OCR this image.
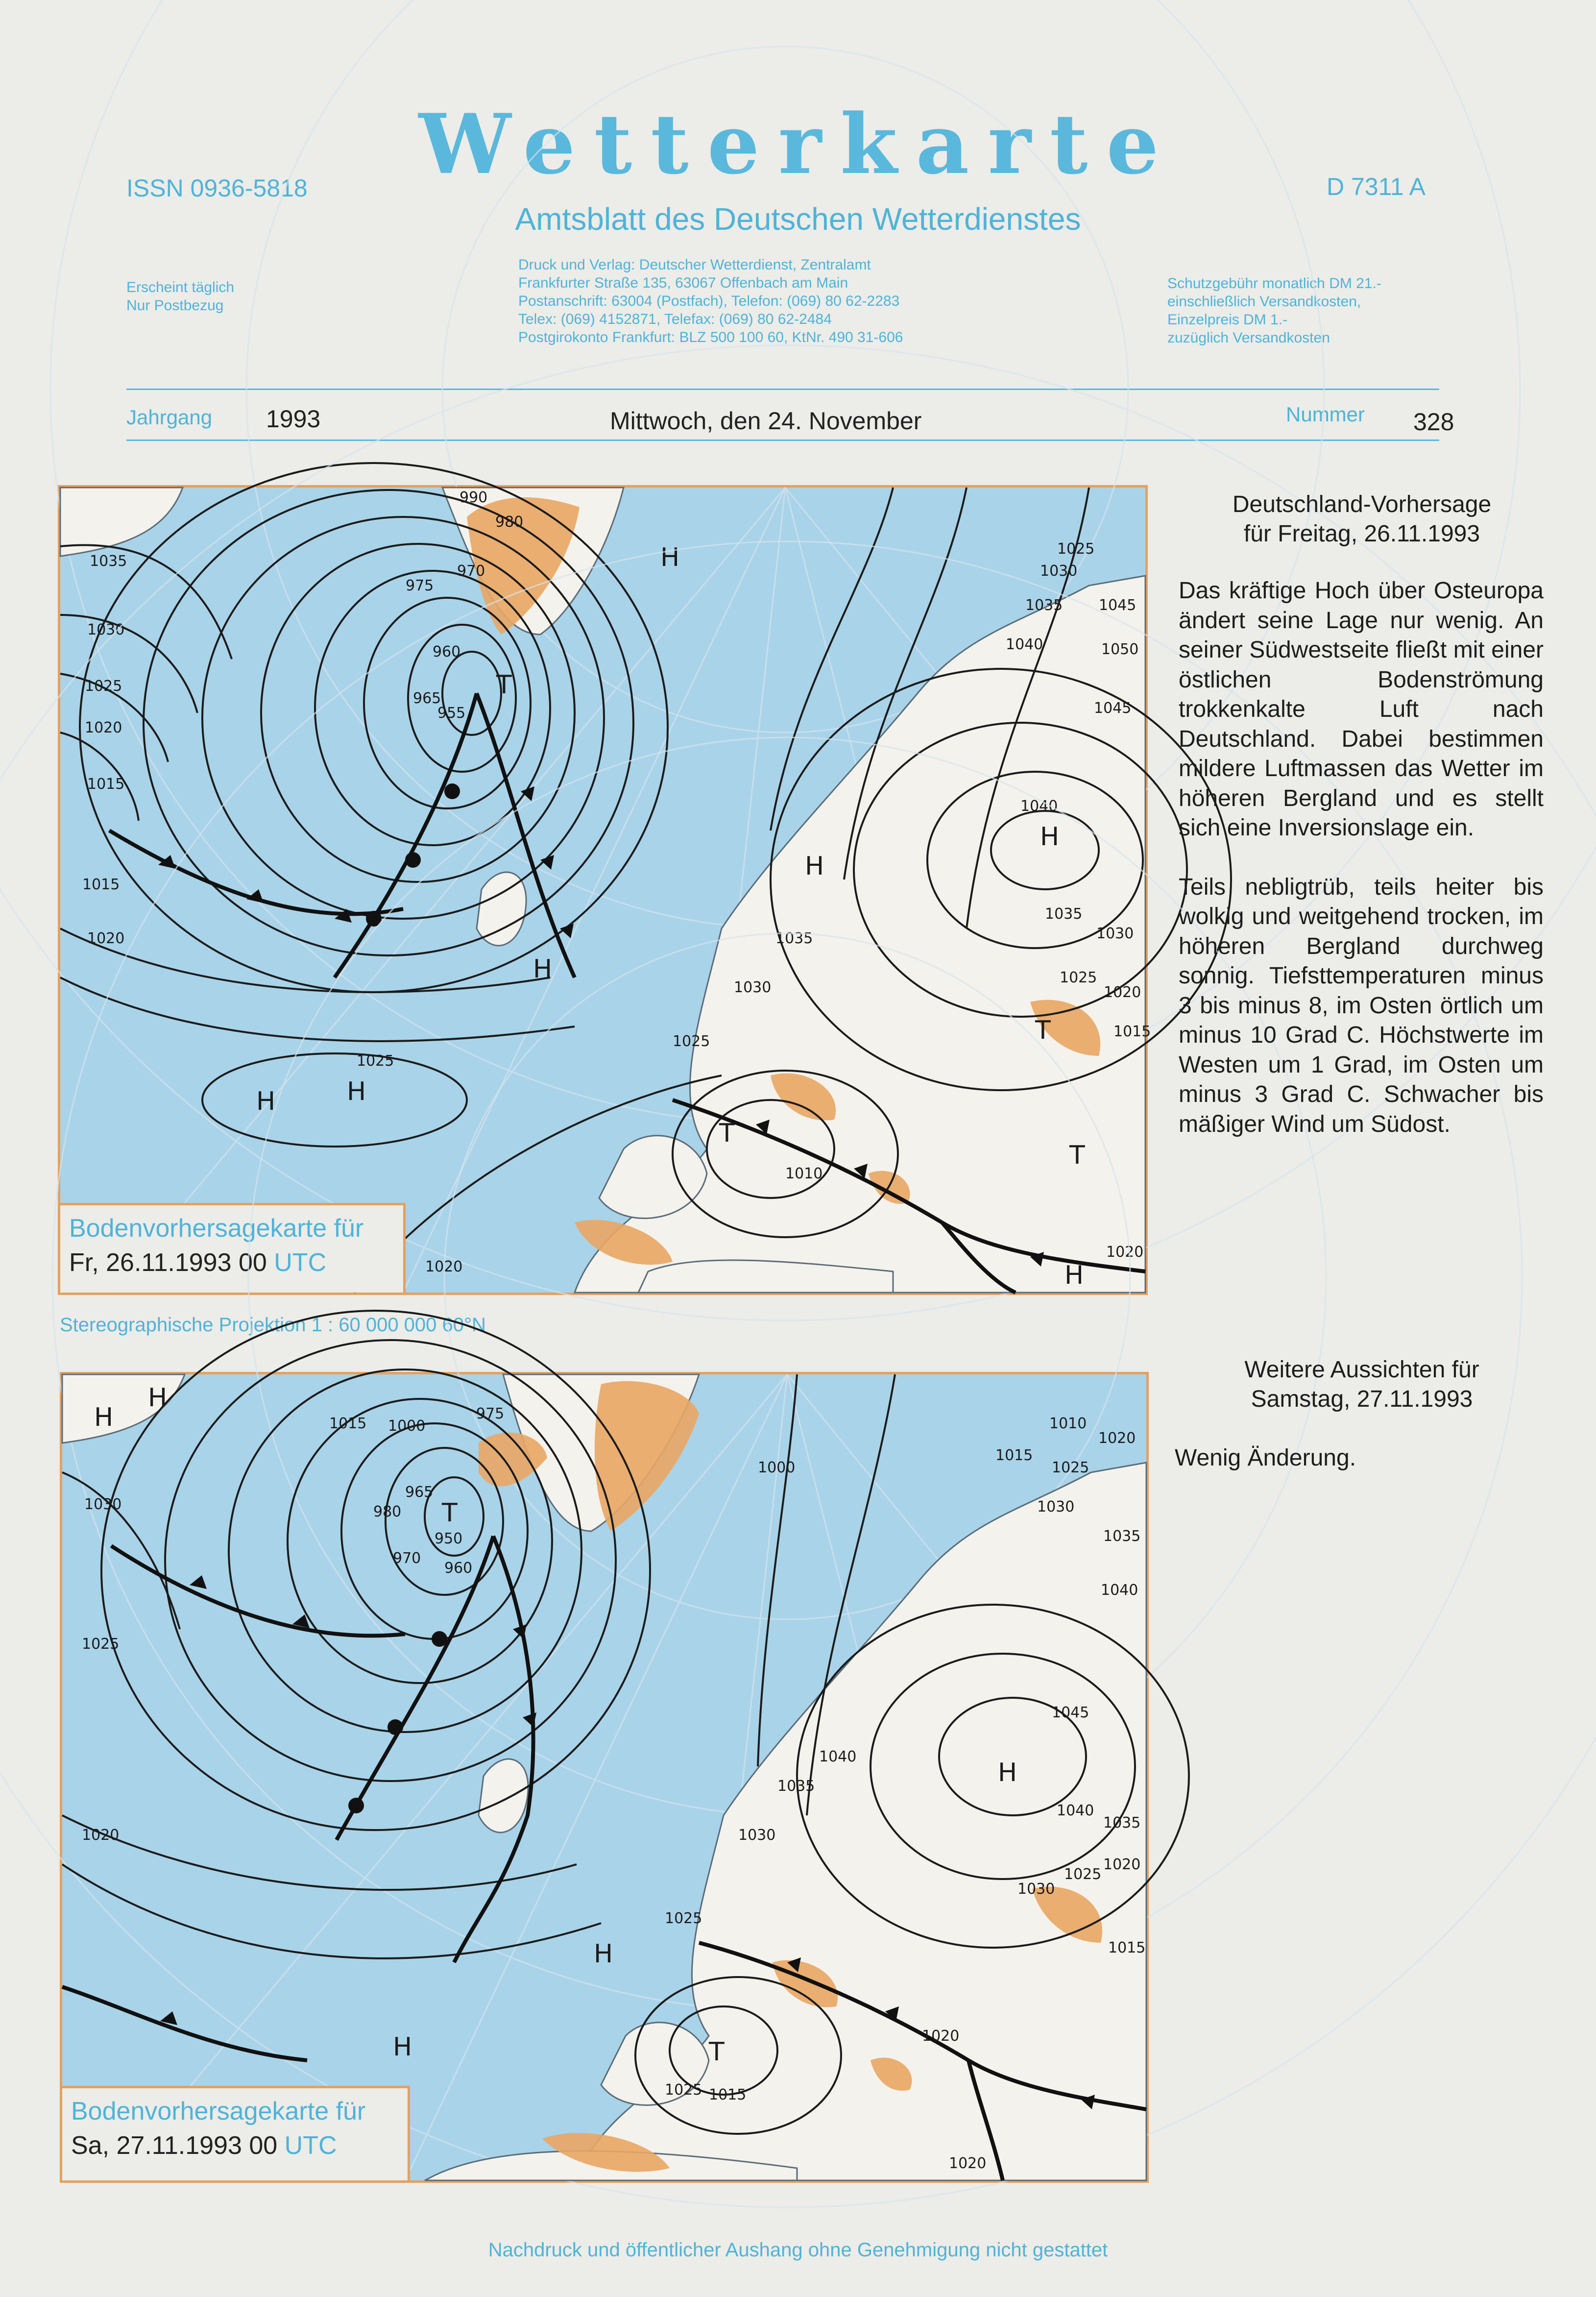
ISSN 0936-5818	Wetterkarte	D 7311 A
Amtsblatt des Deutschen Wetterdienstes
Erscheint täglich
Nur Postbezug
Druck und Verlag: Deutscher Wetterdienst, Zentralamt
Frankfurter Straße 135, 63067 Offenbach am Main
Postanschrift: 63004 (Postfach), Telefon: (069) 80 62-2283
Telex: (069) 4152871, Telefax: (069) 80 62-2484
Postgirokonto Frankfurt: BLZ 500 100 60, KtNr. 490 31-606
Schutzgebühr monatlich DM 21.-
einschließlich Versandkosten,
Einzelpreis DM 1.-
zuzüglich Versandkosten
Jahrgang 1993	Mittwoch, den 24. November	Nummer 328
990
980
970
975
960
965
955
1035
1030
1025
1020
1015
1015
1020
1025
1030
1035
1040
1045
1050
1045
1040
1035
1030
1025
1020
1015
1010
1025
1035
1030
1025
1020
1020
H
T
H
H
H
H	H
T
T
T
H
Bodenvorhersagekarte für
Fr, 26.11.1993 00 UTC
Stereographische Projektion 1 : 60 000 000 60°N
975
1000
1015
980
965
950
970
960
1030
1025
1020
1000
1010
1015
1020
1025
1030
1035
1040
1045
1040
1035
1030
1025
1040
1035
1030
1025
1020
1015
1025 1015
1020
1020
H
H
T
H
H
H	T
Bodenvorhersagekarte für
Sa, 27.11.1993 00 UTC
Deutschland-Vorhersage
für Freitag, 26.11.1993

Das kräftige Hoch über Osteuropa ändert seine Lage nur wenig. An seiner Südwestseite fließt mit einer östlichen Bodenströmung trokkenkalte Luft nach Deutschland. Dabei bestimmen mildere Luftmassen das Wetter im höheren Bergland und es stellt sich eine Inversionslage ein.

Teils nebligtrüb, teils heiter bis wolkig und weitgehend trocken, im höheren Bergland durchweg sonnig. Tiefsttemperaturen minus 3 bis minus 8, im Osten örtlich um minus 10 Grad C. Höchstwerte im Westen um 1 Grad, im Osten um minus 3 Grad C. Schwacher bis mäßiger Wind um Südost.

Weitere Aussichten für
Samstag, 27.11.1993
Wenig Änderung.
Nachdruck und öffentlicher Aushang ohne Genehmigung nicht gestattet
